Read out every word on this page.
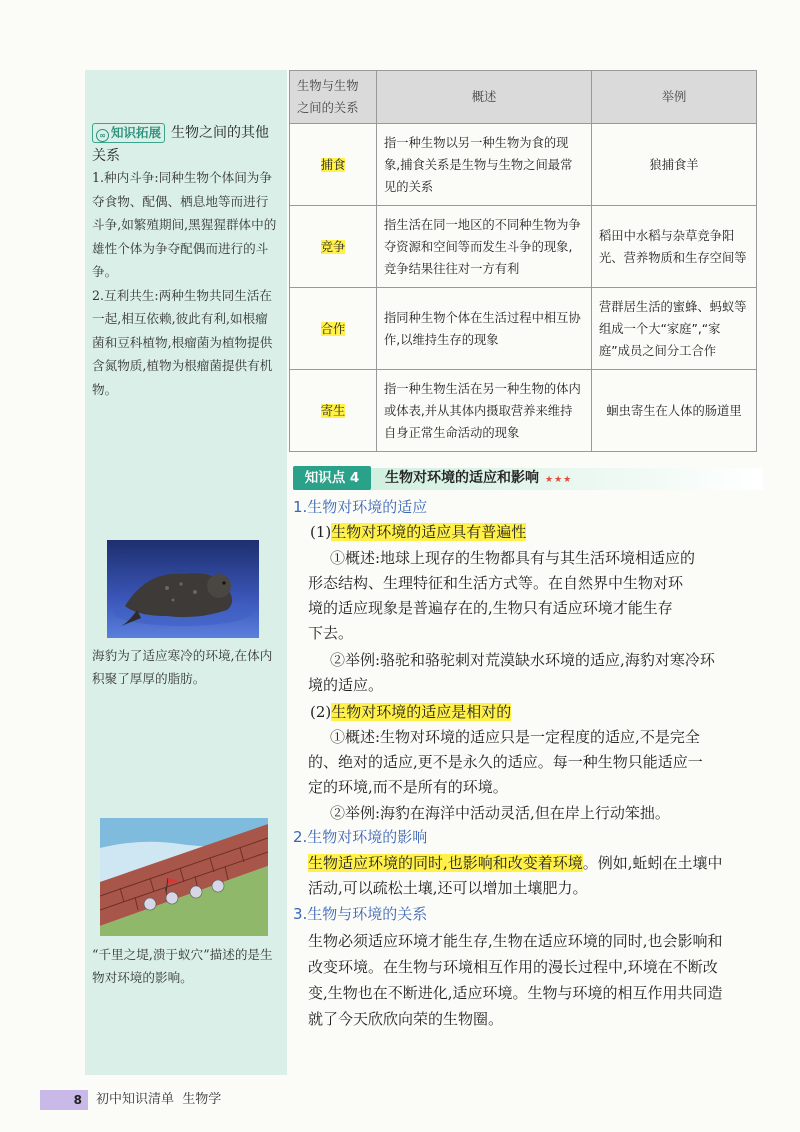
∞ 知识拓展 生物之间的其他关系

1.种内斗争:同种生物个体间为争夺食物、配偶、栖息地等而进行斗争,如繁殖期间,黑猩猩群体中的雄性个体为争夺配偶而进行的斗争。

2.互利共生:两种生物共同生活在一起,相互依赖,彼此有利,如根瘤菌和豆科植物,根瘤菌为植物提供含氮物质,植物为根瘤菌提供有机物。

海豹为了适应寒冷的环境,在体内积聚了厚厚的脂肪。
“千里之堤,溃于蚁穴”描述的是生物对环境的影响。
生物与生物之间的关系	概述	举例
捕食	指一种生物以另一种生物为食的现象,捕食关系是生物与生物之间最常见的关系	狼捕食羊
竞争	指生活在同一地区的不同种生物为争夺资源和空间等而发生斗争的现象,竞争结果往往对一方有利	稻田中水稻与杂草竞争阳光、营养物质和生存空间等
合作	指同种生物个体在生活过程中相互协作,以维持生存的现象	营群居生活的蜜蜂、蚂蚁等组成一个大“家庭”,“家庭”成员之间分工合作
寄生	指一种生物生活在另一种生物的体内或体表,并从其体内摄取营养来维持自身正常生命活动的现象	蛔虫寄生在人体的肠道里
知识点 4	生物对环境的适应和影响 ★★★
1.生物对环境的适应
(1)生物对环境的适应具有普遍性
①概述:地球上现存的生物都具有与其生活环境相适应的
形态结构、生理特征和生活方式等。在自然界中生物对环
境的适应现象是普遍存在的,生物只有适应环境才能生存
下去。
②举例:骆驼和骆驼刺对荒漠缺水环境的适应,海豹对寒冷环
境的适应。
(2)生物对环境的适应是相对的
①概述:生物对环境的适应只是一定程度的适应,不是完全
的、绝对的适应,更不是永久的适应。每一种生物只能适应一
定的环境,而不是所有的环境。
②举例:海豹在海洋中活动灵活,但在岸上行动笨拙。
2.生物对环境的影响
生物适应环境的同时,也影响和改变着环境。例如,蚯蚓在土壤中
活动,可以疏松土壤,还可以增加土壤肥力。
3.生物与环境的关系
生物必须适应环境才能生存,生物在适应环境的同时,也会影响和
改变环境。在生物与环境相互作用的漫长过程中,环境在不断改
变,生物也在不断进化,适应环境。生物与环境的相互作用共同造
就了今天欣欣向荣的生物圈。
8	初中知识清单 生物学
